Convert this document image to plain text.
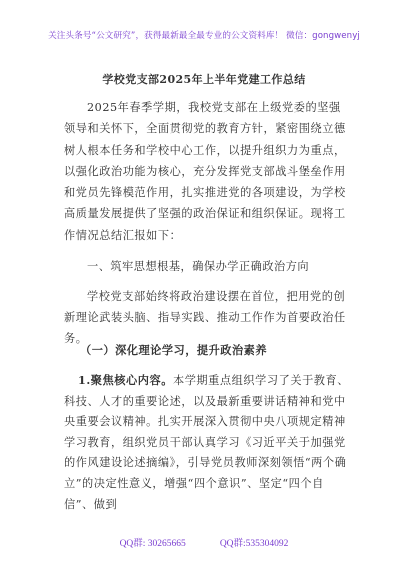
关注头条号“公文研究”，获得最新最全最专业的公文资料库！ 微信：gongwenyj
学校党支部2025年上半年党建工作总结

2025年春季学期，我校党支部在上级党委的坚强领导和关怀下，全面贯彻党的教育方针，紧密围绕立德树人根本任务和学校中心工作，以提升组织力为重点，以强化政治功能为核心，充分发挥党支部战斗堡垒作用和党员先锋模范作用，扎实推进党的各项建设，为学校高质量发展提供了坚强的政治保证和组织保证。现将工作情况总结汇报如下：

一、筑牢思想根基，确保办学正确政治方向

学校党支部始终将政治建设摆在首位，把用党的创新理论武装头脑、指导实践、推动工作作为首要政治任务。

（一）深化理论学习，提升政治素养

1.聚焦核心内容。本学期重点组织学习了关于教育、科技、人才的重要论述，以及最新重要讲话精神和党中央重要会议精神。扎实开展深入贯彻中央八项规定精神学习教育，组织党员干部认真学习《习近平关于加强党的作风建设论述摘编》，引导党员教师深刻领悟“两个确立”的决定性意义，增强“四个意识”、坚定“四个自信”、做到

QQ群: 30265665	QQ群:535304092
